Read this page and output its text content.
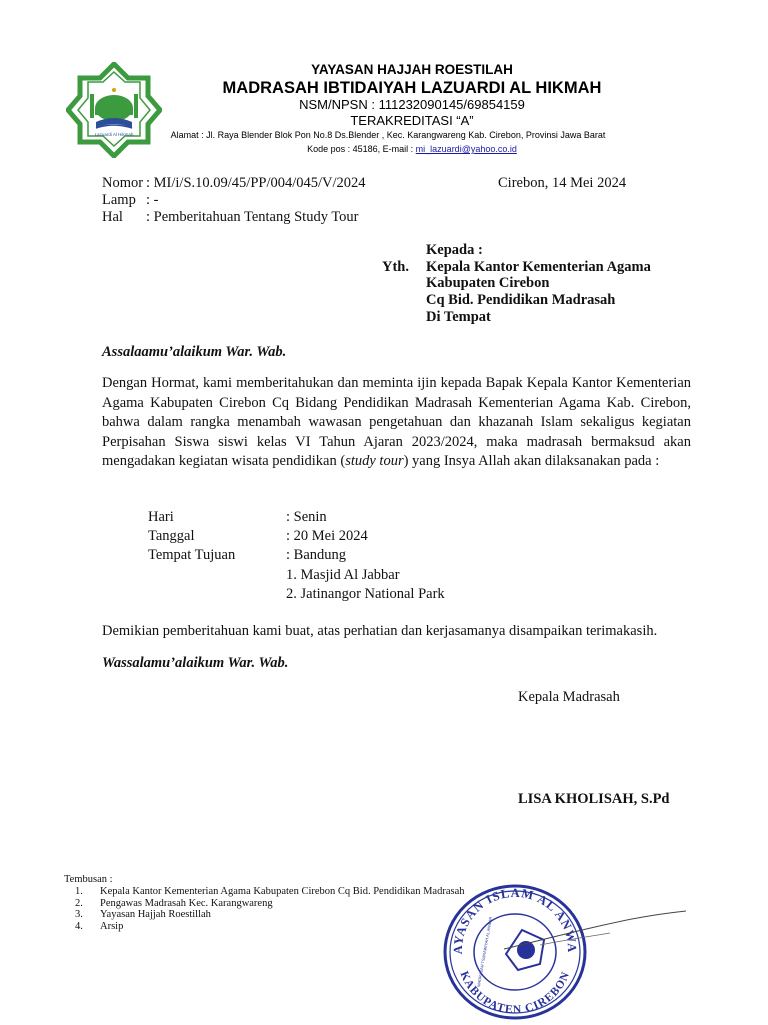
Lazuardi Al Hikmah
YAYASAN HAJJAH ROESTILAH
MADRASAH IBTIDAIYAH LAZUARDI AL HIKMAH
NSM/NPSN : 111232090145/69854159
TERAKREDITASI “A”
Alamat : Jl. Raya Blender Blok Pon No.8 Ds.Blender , Kec. Karangwareng Kab. Cirebon, Provinsi Jawa Barat
Kode pos : 45186, E-mail : mi_lazuardi@yahoo.co.id
Nomor : MI/i/S.10.09/45/PP/004/045/V/2024	Cirebon, 14 Mei 2024
Lamp : -
Hal : Pemberitahuan Tentang Study Tour
Kepada :
Yth. Kepala Kantor Kementerian Agama
Kabupaten Cirebon
Cq Bid. Pendidikan Madrasah
Di Tempat
Assalaamu’alaikum War. Wab.
Dengan Hormat, kami memberitahukan dan meminta ijin kepada Bapak Kepala Kantor Kementerian Agama Kabupaten Cirebon Cq Bidang Pendidikan Madrasah Kementerian Agama Kab. Cirebon, bahwa dalam rangka menambah wawasan pengetahuan dan khazanah Islam sekaligus kegiatan Perpisahan Siswa siswi kelas VI Tahun Ajaran 2023/2024, maka madrasah bermaksud akan mengadakan kegiatan wisata pendidikan (study tour) yang Insya Allah akan dilaksanakan pada :
Hari	: Senin
Tanggal	: 20 Mei 2024
Tempat Tujuan	: Bandung
1. Masjid Al Jabbar
2. Jatinangor National Park
Demikian pemberitahuan kami buat, atas perhatian dan kerjasamanya disampaikan terimakasih.
Wassalamu’alaikum War. Wab.
Kepala Madrasah
LISA KHOLISAH, S.Pd
Tembusan :
1. Kepala Kantor Kementerian Agama Kabupaten Cirebon Cq Bid. Pendidikan Madrasah
2. Pengawas Madrasah Kec. Karangwareng
3. Yayasan Hajjah Roestillah
4. Arsip
AYASAN ISLAM AL ANWA
KABUPATEN CIREBON
MADRASAH TSANAWIYAH AL ANWAR
